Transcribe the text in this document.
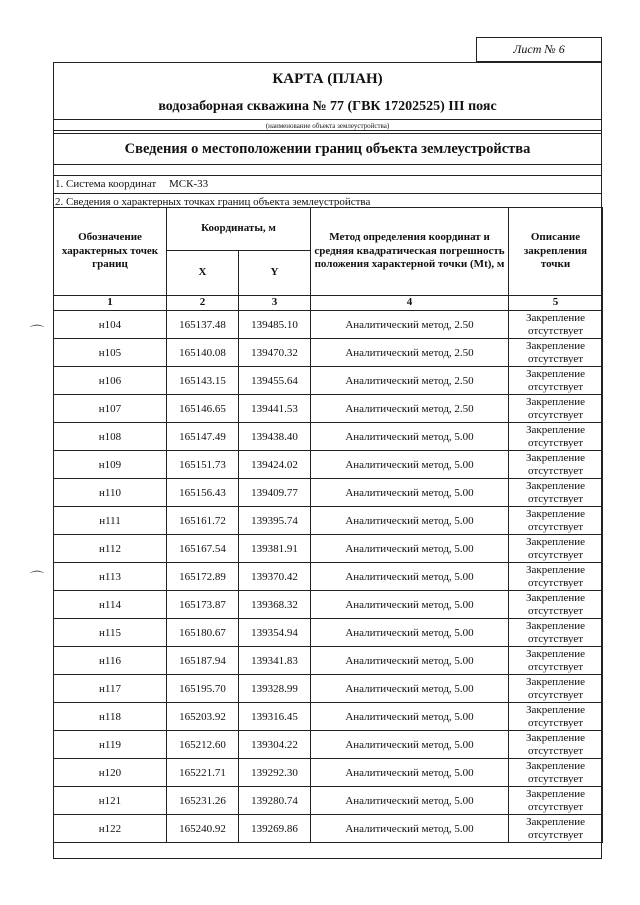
Лист № 6
КАРТА (ПЛАН)
водозаборная скважина № 77 (ГВК 17202525) III пояс
(наименование объекта землеустройства)
Сведения о местоположении границ объекта землеустройства
1. Система координат МСК-33
2. Сведения о характерных точках границ объекта землеустройства
Обозначение характерных точек границ	Координаты, м		Метод определения координат и средняя квадратическая погрешность положения характерной точки (Mt), м	Описание закрепления точки
	X	Y		
1	2	3	4	5
н104	165137.48	139485.10	Аналитический метод, 2.50	Закрепление отсутствует
н105	165140.08	139470.32	Аналитический метод, 2.50	Закрепление отсутствует
н106	165143.15	139455.64	Аналитический метод, 2.50	Закрепление отсутствует
н107	165146.65	139441.53	Аналитический метод, 2.50	Закрепление отсутствует
н108	165147.49	139438.40	Аналитический метод, 5.00	Закрепление отсутствует
н109	165151.73	139424.02	Аналитический метод, 5.00	Закрепление отсутствует
н110	165156.43	139409.77	Аналитический метод, 5.00	Закрепление отсутствует
н111	165161.72	139395.74	Аналитический метод, 5.00	Закрепление отсутствует
н112	165167.54	139381.91	Аналитический метод, 5.00	Закрепление отсутствует
н113	165172.89	139370.42	Аналитический метод, 5.00	Закрепление отсутствует
н114	165173.87	139368.32	Аналитический метод, 5.00	Закрепление отсутствует
н115	165180.67	139354.94	Аналитический метод, 5.00	Закрепление отсутствует
н116	165187.94	139341.83	Аналитический метод, 5.00	Закрепление отсутствует
н117	165195.70	139328.99	Аналитический метод, 5.00	Закрепление отсутствует
н118	165203.92	139316.45	Аналитический метод, 5.00	Закрепление отсутствует
н119	165212.60	139304.22	Аналитический метод, 5.00	Закрепление отсутствует
н120	165221.71	139292.30	Аналитический метод, 5.00	Закрепление отсутствует
н121	165231.26	139280.74	Аналитический метод, 5.00	Закрепление отсутствует
н122	165240.92	139269.86	Аналитический метод, 5.00	Закрепление отсутствует
⌒
⌒
